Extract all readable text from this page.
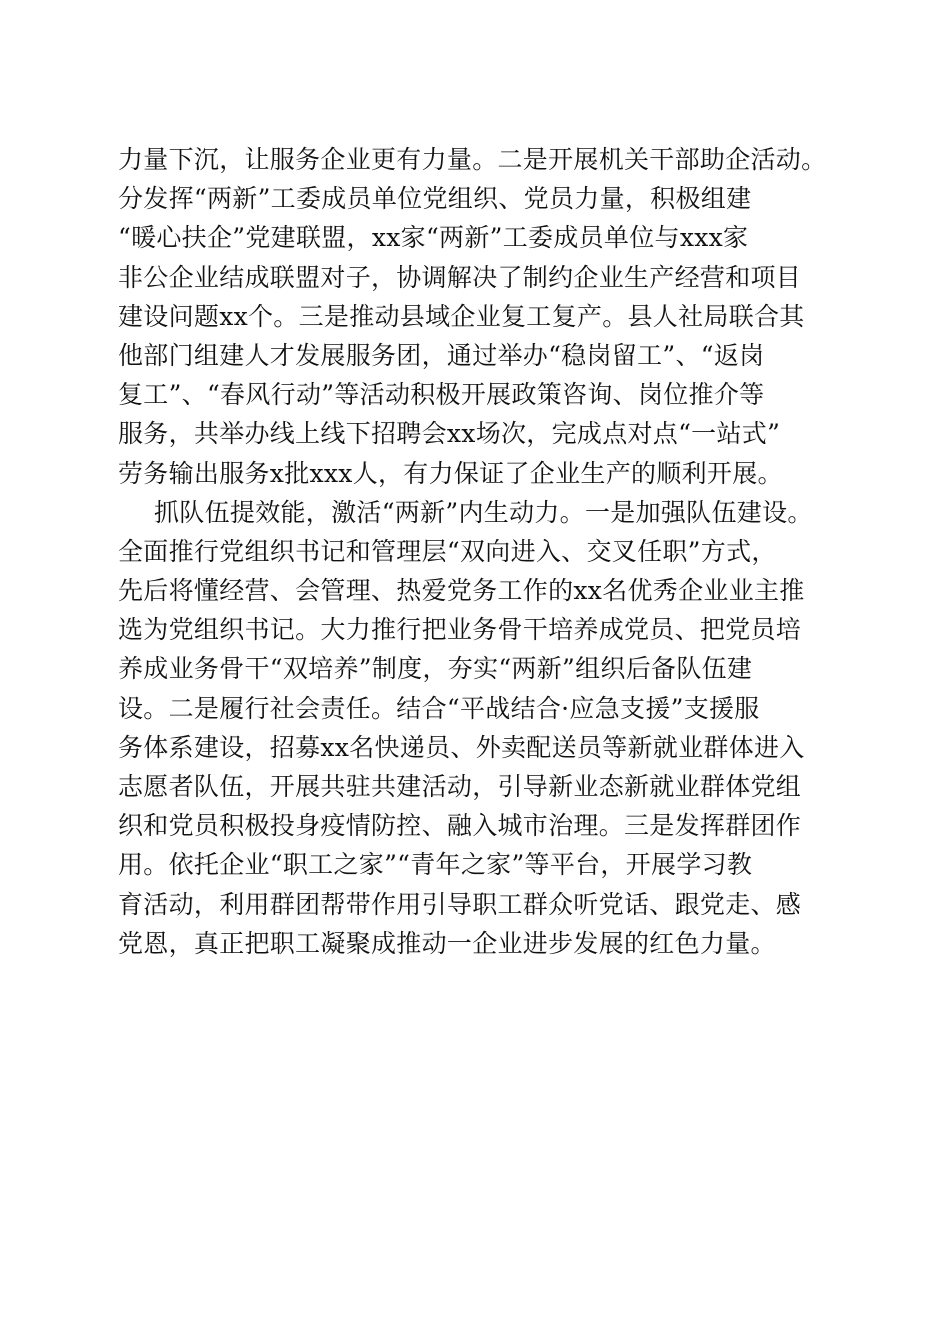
力量下沉，让服务企业更有力量。二是开展机关干部助企活动。
分发挥“两新”工委成员单位党组织、党员力量，积极组建
“暖心扶企”党建联盟，xx家“两新”工委成员单位与xxx家
非公企业结成联盟对子，协调解决了制约企业生产经营和项目
建设问题xx个。三是推动县域企业复工复产。县人社局联合其
他部门组建人才发展服务团，通过举办“稳岗留工”、“返岗
复工”、“春风行动”等活动积极开展政策咨询、岗位推介等
服务，共举办线上线下招聘会xx场次，完成点对点“一站式”
劳务输出服务x批xxx人，有力保证了企业生产的顺利开展。
抓队伍提效能，激活“两新”内生动力。一是加强队伍建设。
全面推行党组织书记和管理层“双向进入、交叉任职”方式，
先后将懂经营、会管理、热爱党务工作的xx名优秀企业业主推
选为党组织书记。大力推行把业务骨干培养成党员、把党员培
养成业务骨干“双培养”制度，夯实“两新”组织后备队伍建
设。二是履行社会责任。结合“平战结合·应急支援”支援服
务体系建设，招募xx名快递员、外卖配送员等新就业群体进入
志愿者队伍，开展共驻共建活动，引导新业态新就业群体党组
织和党员积极投身疫情防控、融入城市治理。三是发挥群团作
用。依托企业“职工之家”“青年之家”等平台，开展学习教
育活动，利用群团帮带作用引导职工群众听党话、跟党走、感
党恩，真正把职工凝聚成推动一企业进步发展的红色力量。
